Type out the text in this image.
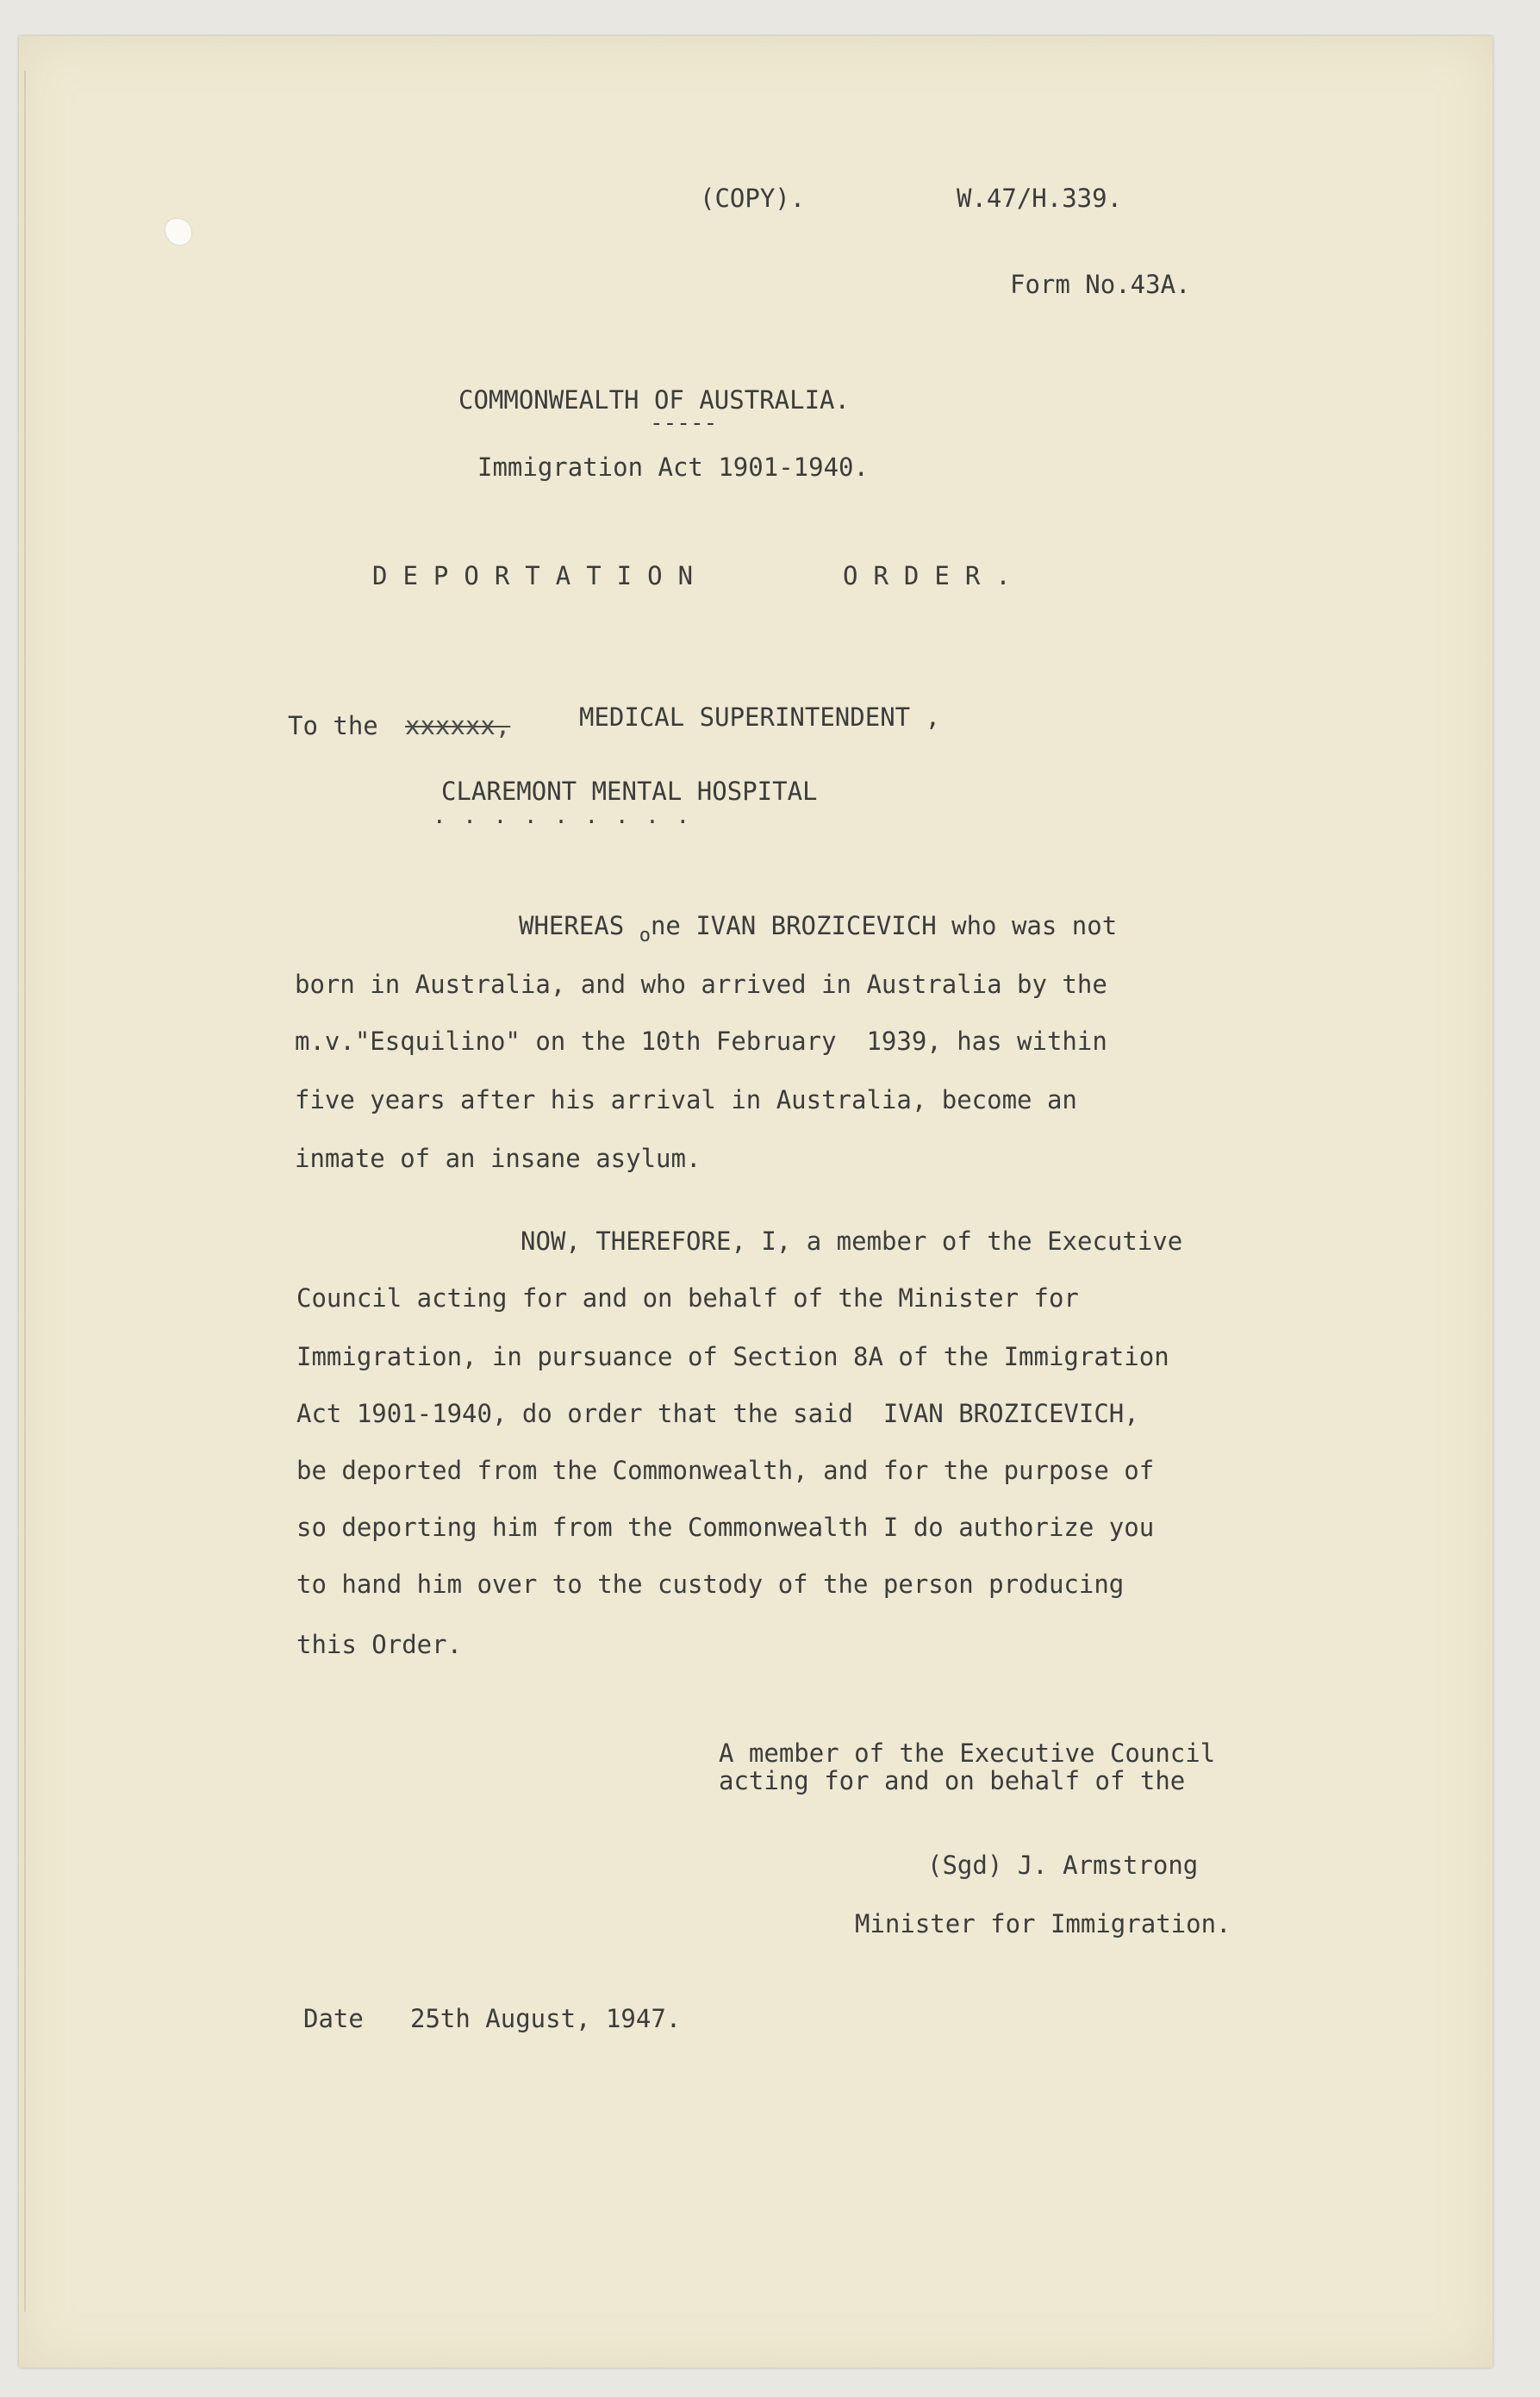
(COPY).	W.47/H.339.
Form No.43A.
COMMONWEALTH OF AUSTRALIA.
-----
Immigration Act 1901-1940.
DEPORTATION	ORDER.
To the xxxxxx,	MEDICAL SUPERINTENDENT ,
CLAREMONT MENTAL HOSPITAL
. . . . . . . . .
WHEREAS $_o$ne IVAN BROZICEVICH who was not
born in Australia, and who arrived in Australia by the
m.v."Esquilino" on the 10th February  1939, has within
five years after his arrival in Australia, become an
inmate of an insane asylum.
NOW, THEREFORE, I, a member of the Executive
Council acting for and on behalf of the Minister for
Immigration, in pursuance of Section 8A of the Immigration
Act 1901-1940, do order that the said  IVAN BROZICEVICH,
be deported from the Commonwealth, and for the purpose of
so deporting him from the Commonwealth I do authorize you
to hand him over to the custody of the person producing
this Order.
A member of the Executive Council
acting for and on behalf of the
(Sgd) J. Armstrong
Minister for Immigration.
Date 25th August, 1947.
